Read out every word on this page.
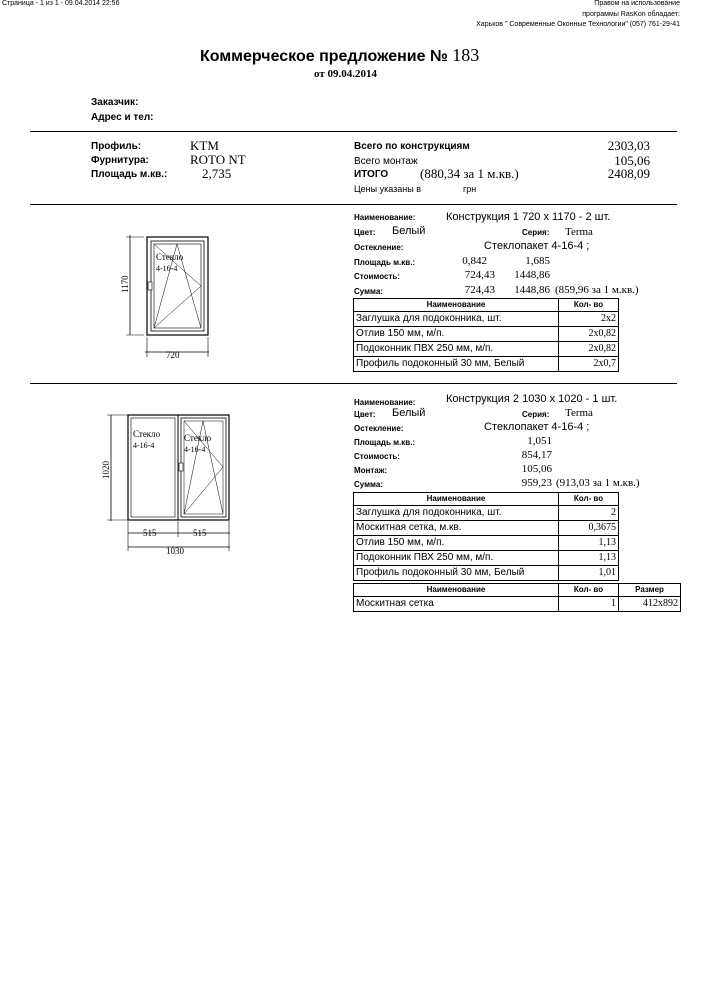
Страница - 1 из 1 - 09.04.2014 22:56	Правом на использование
программы RasKon обладает:
Харьков " Современные Оконные Технологии" (057) 761-29-41
Коммерческое предложение № 183
от 09.04.2014
Заказчик:
Адрес и тел:
Профиль:	KTM
Фурнитура:	ROTO NT
Площадь м.кв.:	2,735
Всего по конструкциям	2303,03
Всего монтаж	105,06
ИТОГО (880,34 за 1 м.кв.)	2408,09
Цены указаны в	грн
Стекло
4-16-4
720
1170
Наименование:	Конструкция 1 720 x 1170 - 2 шт.
Цвет: Белый	Серия: Terma
Остекление:	Стеклопакет 4-16-4 ;
Площадь м.кв.:	0,842	1,685
Стоимость:	724,43 1448,86
Сумма:	724,43 1448,86 (859,96 за 1 м.кв.)
Наименование	Кол- во
Заглушка для подоконника, шт.	2x2
Отлив 150 мм, м/п.	2x0,82
Подоконник ПВХ 250 мм, м/п.	2x0,82
Профиль подоконный 30 мм, Белый	2x0,7
Стекло
4-16-4
Стекло
4-16-4
515	515
1030
1020
Наименование:	Конструкция 2 1030 x 1020 - 1 шт.
Цвет: Белый	Серия: Terma
Остекление:	Стеклопакет 4-16-4 ;
Площадь м.кв.:	1,051
Стоимость:	854,17
Монтаж:	105,06
Сумма:	959,23 (913,03 за 1 м.кв.)
Наименование	Кол- во
Заглушка для подоконника, шт.	2
Москитная сетка, м.кв.	0,3675
Отлив 150 мм, м/п.	1,13
Подоконник ПВХ 250 мм, м/п.	1,13
Профиль подоконный 30 мм, Белый	1,01
Наименование	Кол- во	Размер
Москитная сетка	1	412x892
